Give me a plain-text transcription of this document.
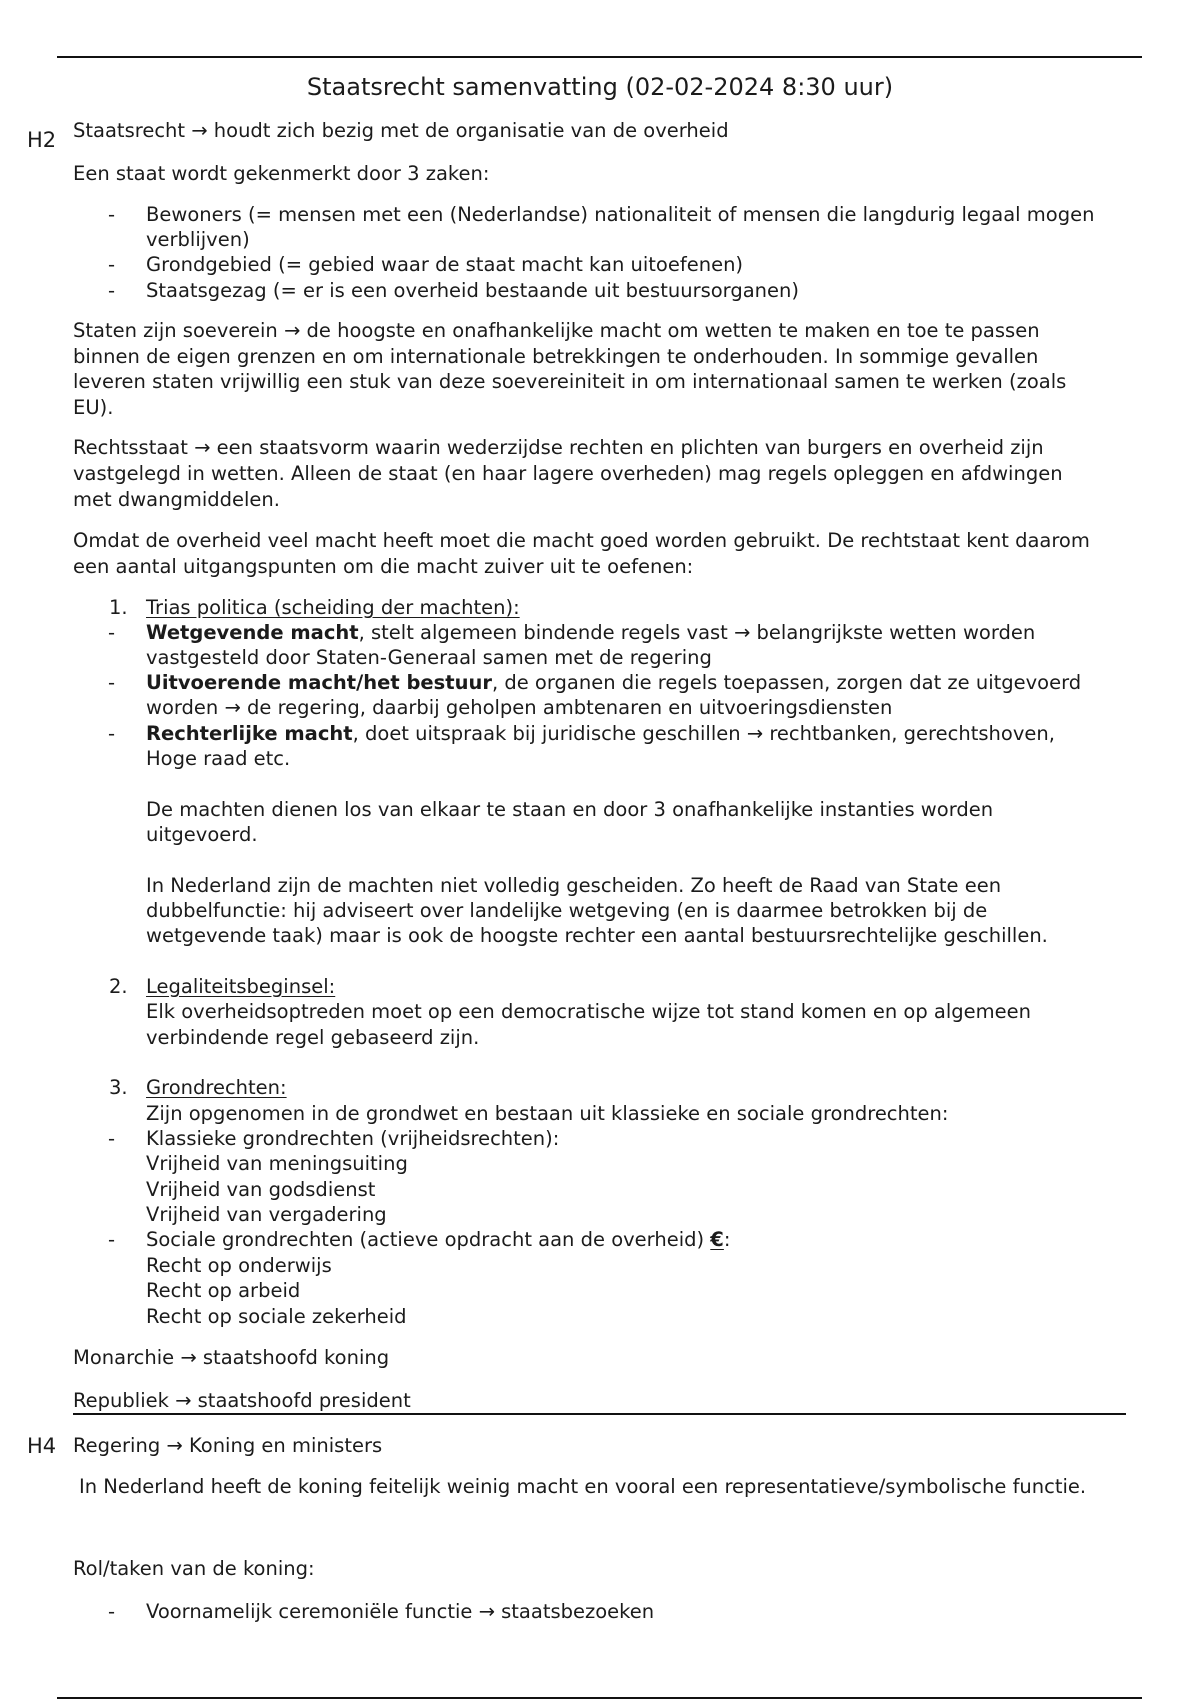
Staatsrecht samenvatting (02-02-2024 8:30 uur)
H2 Staatsrecht → houdt zich bezig met de organisatie van de overheid
Een staat wordt gekenmerkt door 3 zaken:
- Bewoners (= mensen met een (Nederlandse) nationaliteit of mensen die langdurig legaal mogen
verblijven)
- Grondgebied (= gebied waar de staat macht kan uitoefenen)
- Staatsgezag (= er is een overheid bestaande uit bestuursorganen)
Staten zijn soeverein → de hoogste en onafhankelijke macht om wetten te maken en toe te passen
binnen de eigen grenzen en om internationale betrekkingen te onderhouden. In sommige gevallen
leveren staten vrijwillig een stuk van deze soevereiniteit in om internationaal samen te werken (zoals
EU).
Rechtsstaat → een staatsvorm waarin wederzijdse rechten en plichten van burgers en overheid zijn
vastgelegd in wetten. Alleen de staat (en haar lagere overheden) mag regels opleggen en afdwingen
met dwangmiddelen.
Omdat de overheid veel macht heeft moet die macht goed worden gebruikt. De rechtstaat kent daarom
een aantal uitgangspunten om die macht zuiver uit te oefenen:
1. Trias politica (scheiding der machten):
- Wetgevende macht, stelt algemeen bindende regels vast → belangrijkste wetten worden
vastgesteld door Staten-Generaal samen met de regering
- Uitvoerende macht/het bestuur, de organen die regels toepassen, zorgen dat ze uitgevoerd
worden → de regering, daarbij geholpen ambtenaren en uitvoeringsdiensten
- Rechterlijke macht, doet uitspraak bij juridische geschillen → rechtbanken, gerechtshoven,
Hoge raad etc.
De machten dienen los van elkaar te staan en door 3 onafhankelijke instanties worden
uitgevoerd.
In Nederland zijn de machten niet volledig gescheiden. Zo heeft de Raad van State een
dubbelfunctie: hij adviseert over landelijke wetgeving (en is daarmee betrokken bij de
wetgevende taak) maar is ook de hoogste rechter een aantal bestuursrechtelijke geschillen.
2. Legaliteitsbeginsel:
Elk overheidsoptreden moet op een democratische wijze tot stand komen en op algemeen
verbindende regel gebaseerd zijn.
3. Grondrechten:
Zijn opgenomen in de grondwet en bestaan uit klassieke en sociale grondrechten:
- Klassieke grondrechten (vrijheidsrechten):
Vrijheid van meningsuiting
Vrijheid van godsdienst
Vrijheid van vergadering
- Sociale grondrechten (actieve opdracht aan de overheid) €:
Recht op onderwijs
Recht op arbeid
Recht op sociale zekerheid
Monarchie → staatshoofd koning
Republiek → staatshoofd president
H4 Regering → Koning en ministers
In Nederland heeft de koning feitelijk weinig macht en vooral een representatieve/symbolische functie.
Rol/taken van de koning:
- Voornamelijk ceremoniële functie → staatsbezoeken
